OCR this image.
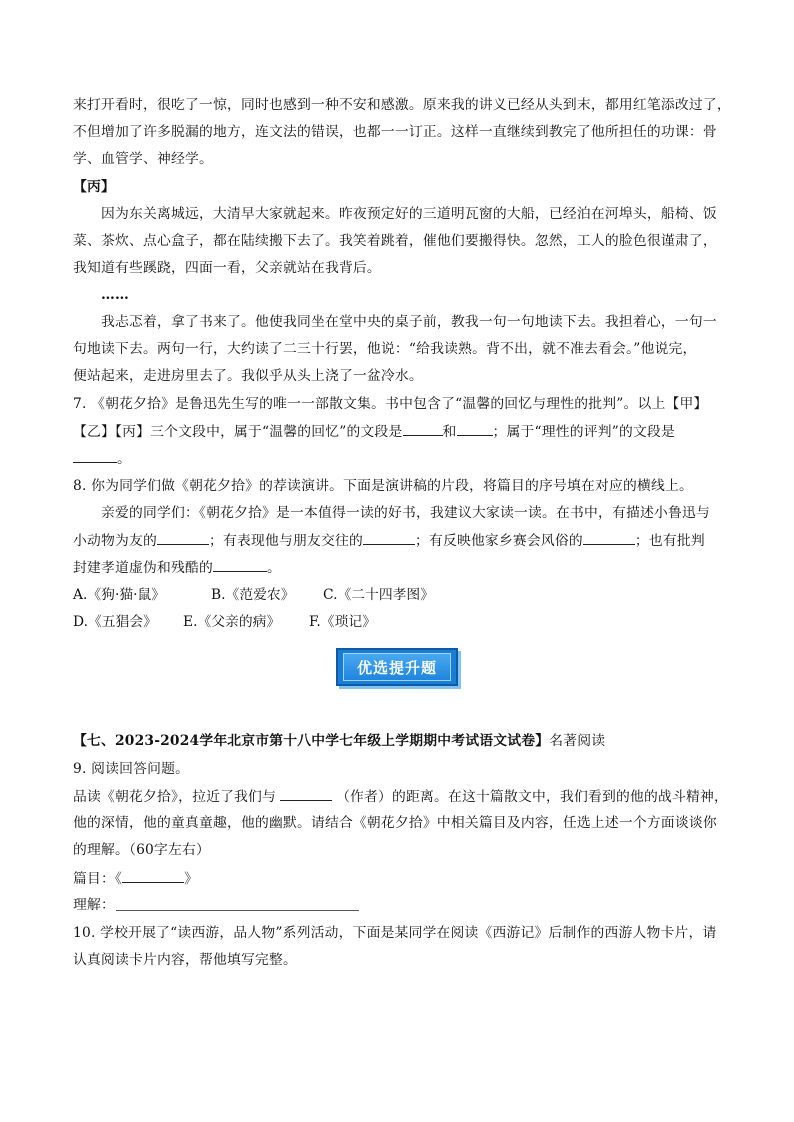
来打开看时，很吃了一惊，同时也感到一种不安和感激。原来我的讲义已经从头到末，都用红笔添改过了，
不但增加了许多脱漏的地方，连文法的错误，也都一一订正。这样一直继续到教完了他所担任的功课：骨
学、血管学、神经学。
【丙】
因为东关离城远，大清早大家就起来。昨夜预定好的三道明瓦窗的大船，已经泊在河埠头，船椅、饭
菜、茶炊、点心盒子，都在陆续搬下去了。我笑着跳着，催他们要搬得快。忽然，工人的脸色很谨肃了，
我知道有些蹊跷，四面一看，父亲就站在我背后。
……
我忐忑着，拿了书来了。他使我同坐在堂中央的桌子前，教我一句一句地读下去。我担着心，一句一
句地读下去。两句一行，大约读了二三十行罢，他说：“给我读熟。背不出，就不准去看会。”他说完，
便站起来，走进房里去了。我似乎从头上浇了一盆冷水。
7. 《朝花夕拾》是鲁迅先生写的唯一一部散文集。书中包含了“温馨的回忆与理性的批判”。以上【甲】
【乙】【丙】三个文段中，属于“温馨的回忆”的文段是	和	；属于“理性的评判”的文段是
。
8. 你为同学们做《朝花夕拾》的荐读演讲。下面是演讲稿的片段，将篇目的序号填在对应的横线上。
亲爱的同学们：《朝花夕拾》是一本值得一读的好书，我建议大家读一读。在书中，有描述小鲁迅与
小动物为友的	；有表现他与朋友交往的	；有反映他家乡赛会风俗的	；也有批判
封建孝道虚伪和残酷的	。
A.《狗·猫·鼠》	B.《范爱农》 C.《二十四孝图》
D.《五猖会》 E.《父亲的病》 F.《琐记》
优选提升题
【七、2023-2024学年北京市第十八中学七年级上学期期中考试语文试卷】名著阅读
9. 阅读回答问题。
品读《朝花夕拾》，拉近了我们与	（作者）的距离。在这十篇散文中，我们看到的他的战斗精神，
他的深情，他的童真童趣，他的幽默。请结合《朝花夕拾》中相关篇目及内容，任选上述一个方面谈谈你
的理解。（60字左右）
篇目：《	》
理解：
10. 学校开展了“读西游，品人物”系列活动，下面是某同学在阅读《西游记》后制作的西游人物卡片，请
认真阅读卡片内容，帮他填写完整。
